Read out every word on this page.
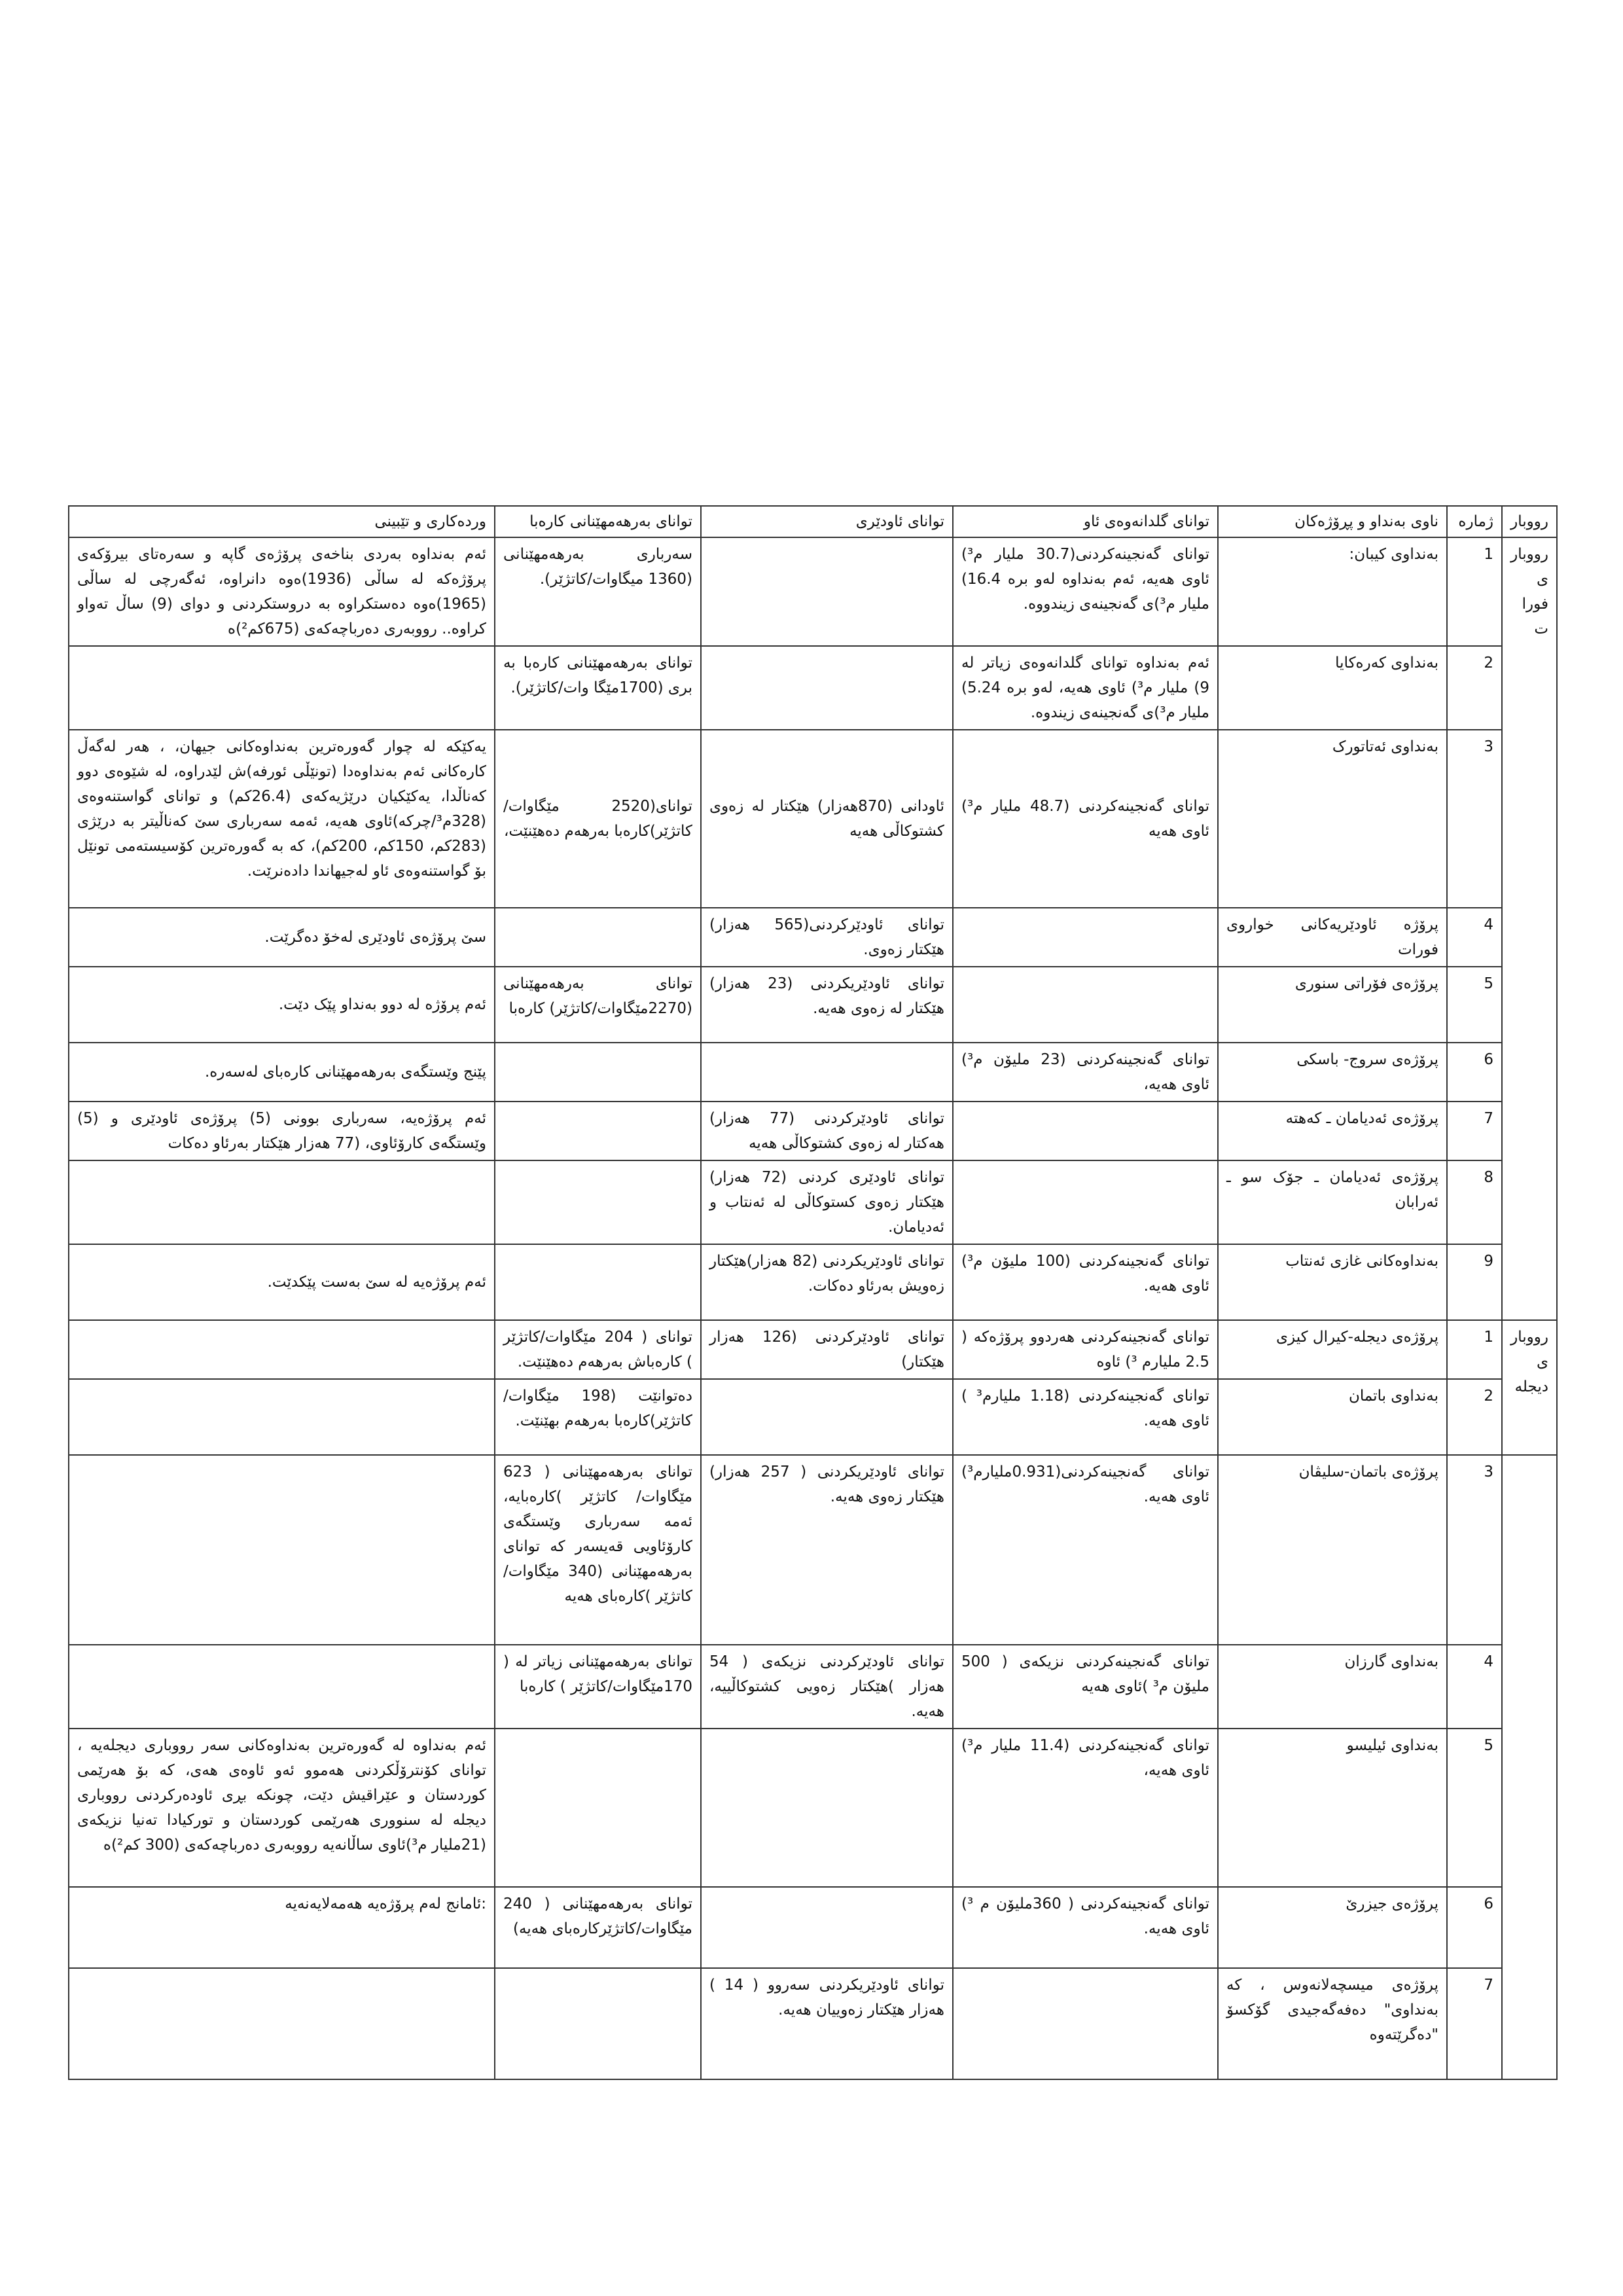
رووبار	ژمارە	ناوی بەنداو و پڕۆژەکان	توانای گلدانەوەی ئاو	توانای ئاودێری	توانای بەرهەمهێنانی کارەبا	وردەکاری و تێبینی
رووباری فورات	1	بەنداوی کیبان:	توانای گەنجینەکردنی(30.7 ملیار م³) ئاوی هەیە، ئەم بەنداوە لەو برە 16.4) ملیار م³)ی گەنجینەی زیندووە.		سەرباری بەرهەمهێنانی (1360 میگاوات/کاتژێر).	ئەم بەنداوە بەردی بناخەی پرۆژەی گاپە و سەرەتای بیرۆکەی پرۆژەکە لە ساڵی (1936)ەوە دانراوە، ئەگەرچی لە ساڵی (1965)ەوە دەستکراوە بە دروستکردنی و دوای (9) ساڵ تەواو کراوە.. رووبەری دەرباچەکەی (675کم²)ە
	2	بەنداوی کەرەکایا	ئەم بەنداوە توانای گلدانەوەی زیاتر لە 9) ملیار م³) ئاوی هەیە، لەو برە 5.24) ملیار م³)ی گەنجینەی زیندوە.		توانای بەرهەمهێنانی کارەبا بە بری (1700مێگا وات/کاتژێر).	
	3	بەنداوی ئەتاتورک	توانای گەنجینەکردنی (48.7 ملیار م³) ئاوی هەیە	ئاودانی (870هەزار) هێکتار لە زەوی کشتوکاڵی هەیە	توانای(2520 مێگاوات/کاتژێر)کارەبا بەرهەم دەهێنێت،	یەکێکە لە چوار گەورەترین بەنداوەکانی جیهان، ، هەر لەگەڵ کارەکانی ئەم بەنداوەدا (تونێڵی ئورفە)ش لێدراوە، لە شێوەی دوو کەناڵدا، یەکێکیان درێژیەکەی (26.4کم) و توانای گواستنەوەی (328م³/چرکە)ئاوی هەیە، ئەمە سەرباری سێ کەناڵیتر بە درێژی (283کم، 150کم، 200کم)، کە بە گەورەترین کۆسیستەمی تونێل بۆ گواستنەوەی ئاو لەجیهاندا دادەنرێت.
	4	پرۆژە ئاودێریەکانی خواروی فورات		توانای ئاودێرکردنی(565 هەزار) هێکتار زەوی.		سێ پرۆژەی ئاودێری لەخۆ دەگرێت.
	5	پرۆژەی فۆراتی سنوری		توانای ئاودێریکردنی (23 هەزار) هێکتار لە زەوی هەیە.	توانای بەرهەمهێنانی (2270مێگاوات/کاتژێر) کارەبا	ئەم پرۆژە لە دوو بەنداو پێک دێت.
	6	پرۆژەی سروج- باسکی	توانای گەنجینەکردنی (23 ملیۆن م³) ئاوی هەیە،			پێنج وێستگەی بەرهەمهێنانی کارەبای لەسەرە.
	7	پرۆژەی ئەدیامان ـ کەهتە		توانای ئاودێرکردنی (77 هەزار) هەکتار لە زەوی کشتوکاڵی هەیە		ئەم پرۆژەیە، سەرباری بوونی (5) پرۆژەی ئاودێری و (5) وێستگەی کارۆئاوی، (77 هەزار هێکتار بەرئاو دەکات
	8	پرۆژەی ئەدیامان ـ جۆک سو ـ ئەرابان		توانای ئاودێری کردنی (72 هەزار) هێکتار زەوی کستوکاڵی لە ئەنتاب و ئەدیامان.		
	9	بەنداوەکانی غازی ئەنتاب	توانای گەنجینەکردنی (100 ملیۆن م³) ئاوی هەیە.	توانای ئاودێریکردنی (82 هەزار)هێکتار زەویش بەرئاو دەکات.		ئەم پرۆژەیە لە سێ بەست پێکدێت.
رووباری دیجلە	1	پرۆژەی دیجلە-کیرال کیزی	توانای گەنجینەکردنی هەردوو پرۆژەکە ( 2.5 ملیارم ³) ئاوە	توانای ئاودێرکردنی (126 هەزار هێکتار)	توانای ( 204 مێگاوات/کاتژێر ) کارەباش بەرهەم دەهێنێت.	
	2	بەنداوی باتمان	توانای گەنجینەکردنی (1.18 ملیارم³ ) ئاوی هەیە.		دەتوانێت (198 مێگاوات/کاتژێر)کارەبا بەرهەم بهێنێت.	
	3	پرۆژەی باتمان-سلیڤان	توانای گەنجینەکردنی(0.931ملیارم³) ئاوی هەیە.	توانای ئاودێریکردنی ( 257 هەزار) هێکتار زەوی هەیە.	توانای بەرهەمهێنانی ( 623 مێگاوات/ کاتژێر )کارەبایە، ئەمە سەرباری وێستگەی کارۆئاویی قەیسەر کە توانای بەرهەمهێنانی (340 مێگاوات/کاتژێر )کارەبای هەیە	
	4	بەنداوی گارزان	توانای گەنجینەکردنی نزیکەی ( 500 ملیۆن م³ )ئاوی هەیە	توانای ئاودێرکردنی نزیکەی ( 54 هەزار )هێکتار زەویی کشتوکاڵییە، هەیە.	توانای بەرهەمهێنانی زیاتر لە ( 170مێگاوات/کاتژێر ) کارەبا	
	5	بەنداوی ئیلیسو	توانای گەنجینەکردنی (11.4 ملیار م³) ئاوی هەیە،			ئەم بەنداوە لە گەورەترین بەنداوەکانی سەر رووباری دیجلەیە ، توانای کۆنترۆڵکردنی هەموو ئەو ئاوەی هەی، کە بۆ هەرێمی کوردستان و عێراقیش دێت، چونکە بڕی ئاودەرکردنی رووباری دیجلە لە سنووری هەرێمی کوردستان و تورکیادا تەنیا نزیکەی (21ملیار م³)ئاوی ساڵانەیە رووبەری دەرباچەکەی (300 کم²)ە
	6	پرۆژەی جیزرێ	توانای گەنجینەکردنی ( 360ملیۆن م ³) ئاوی هەیە.		توانای بەرهەمهێنانی ( 240 مێگاوات/کاتژێرکارەبای هەیە)	:ئامانج لەم پرۆژەیە هەمەلایەنەیە
	7	پرۆژەی میسچەلانەوس ، کە بەنداوی" دەفەگەجیدی گۆکسۆ "دەگرێتەوە		توانای ئاودێریکردنی سەروو ( 14 ) هەزار هێکتار زەوییان هەیە.		
